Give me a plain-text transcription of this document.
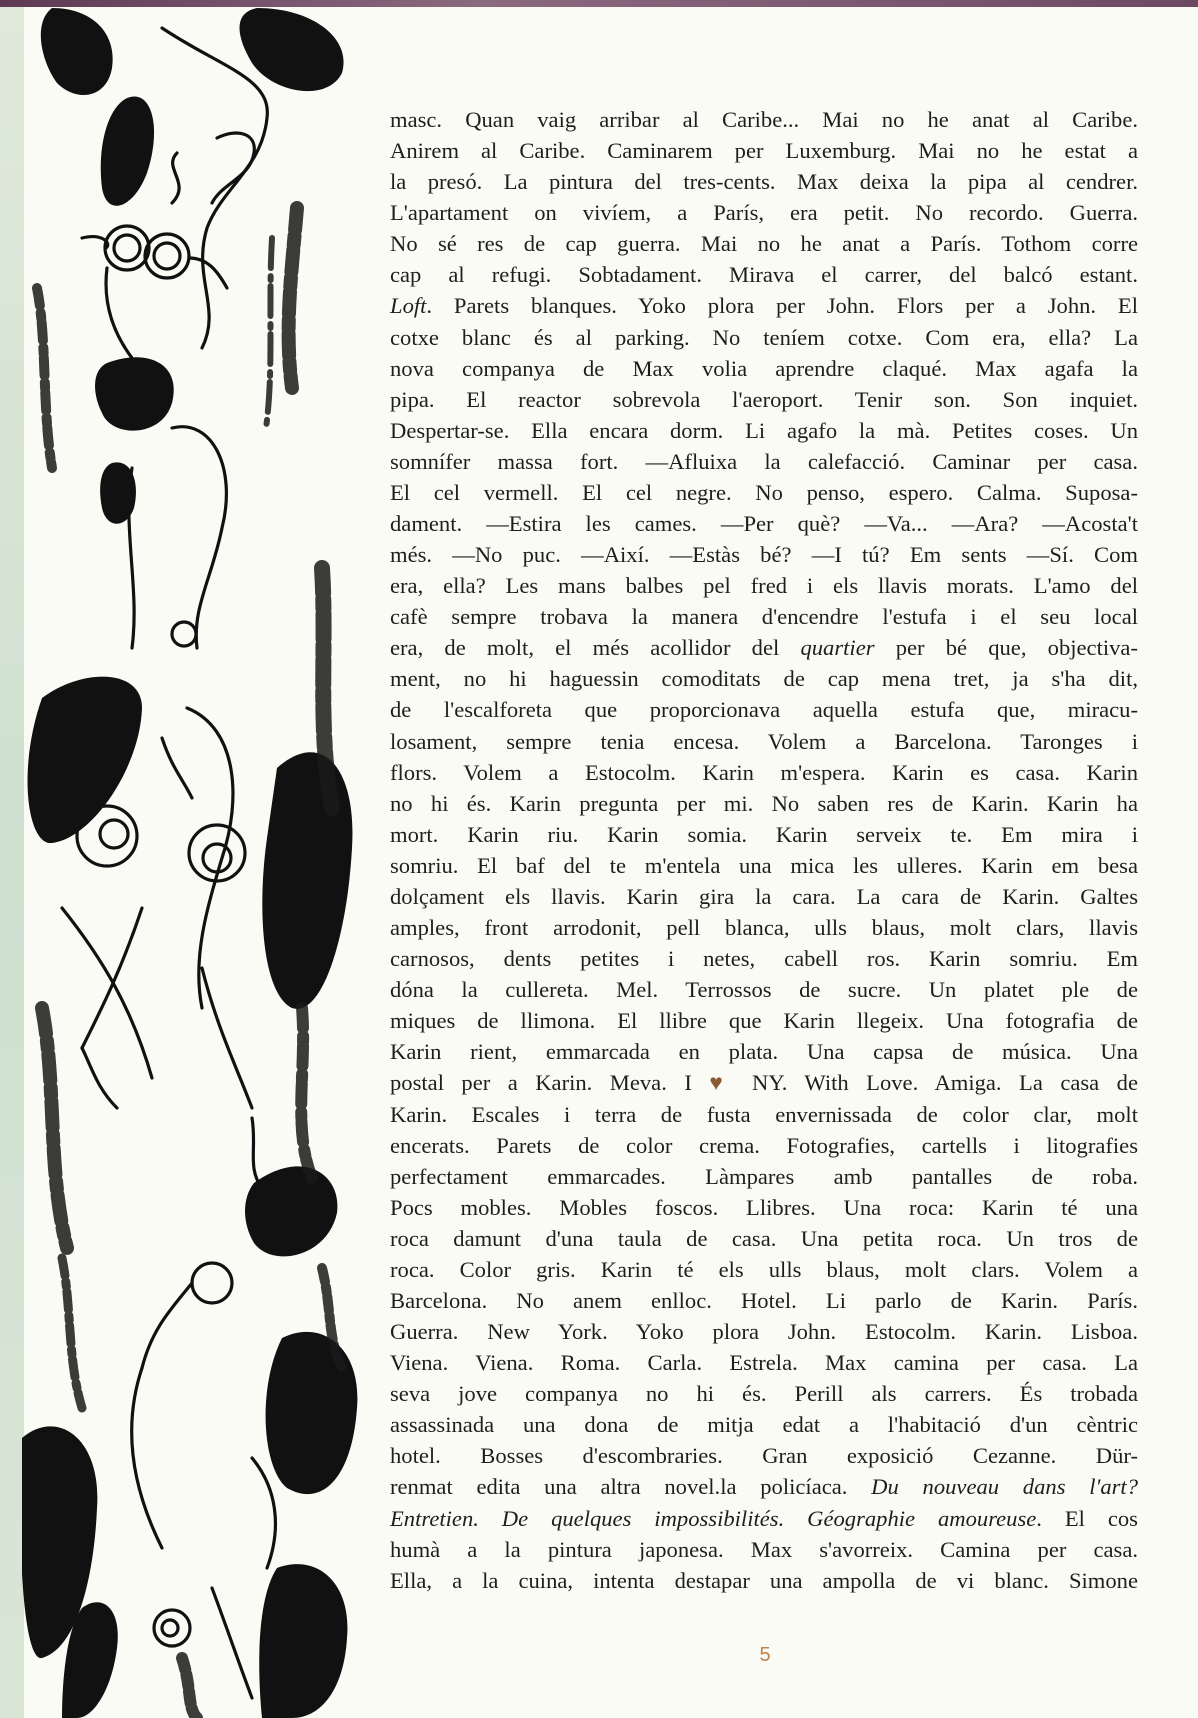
masc. Quan vaig arribar al Caribe... Mai no he anat al Caribe.
Anirem al Caribe. Caminarem per Luxemburg. Mai no he estat a
la presó. La pintura del tres-cents. Max deixa la pipa al cendrer.
L'apartament on vivíem, a París, era petit. No recordo. Guerra.
No sé res de cap guerra. Mai no he anat a París. Tothom corre
cap al refugi. Sobtadament. Mirava el carrer, del balcó estant.
Loft. Parets blanques. Yoko plora per John. Flors per a John. El
cotxe blanc és al parking. No teníem cotxe. Com era, ella? La
nova companya de Max volia aprendre claqué. Max agafa la
pipa. El reactor sobrevola l'aeroport. Tenir son. Son inquiet.
Despertar-se. Ella encara dorm. Li agafo la mà. Petites coses. Un
somnífer massa fort. —Afluixa la calefacció. Caminar per casa.
El cel vermell. El cel negre. No penso, espero. Calma. Suposa-
dament. —Estira les cames. —Per què? —Va... —Ara? —Acosta't
més. —No puc. —Així. —Estàs bé? —I tú? Em sents —Sí. Com
era, ella? Les mans balbes pel fred i els llavis morats. L'amo del
cafè sempre trobava la manera d'encendre l'estufa i el seu local
era, de molt, el més acollidor del quartier per bé que, objectiva-
ment, no hi haguessin comoditats de cap mena tret, ja s'ha dit,
de l'escalforeta que proporcionava aquella estufa que, miracu-
losament, sempre tenia encesa. Volem a Barcelona. Taronges i
flors. Volem a Estocolm. Karin m'espera. Karin es casa. Karin
no hi és. Karin pregunta per mi. No saben res de Karin. Karin ha
mort. Karin riu. Karin somia. Karin serveix te. Em mira i
somriu. El baf del te m'entela una mica les ulleres. Karin em besa
dolçament els llavis. Karin gira la cara. La cara de Karin. Galtes
amples, front arrodonit, pell blanca, ulls blaus, molt clars, llavis
carnosos, dents petites i netes, cabell ros. Karin somriu. Em
dóna la culleretа. Mel. Terrossos de sucre. Un platet ple de
miques de llimona. El llibre que Karin llegeix. Una fotografia de
Karin rient, emmarcada en plata. Una capsa de música. Una
postal per a Karin. Meva. I ♥ NY. With Love. Amiga. La casa de
Karin. Escales i terra de fusta envernissada de color clar, molt
encerats. Parets de color crema. Fotografies, cartells i litografies
perfectament emmarcades. Làmpares amb pantalles de roba.
Pocs mobles. Mobles foscos. Llibres. Una roca: Karin té una
roca damunt d'una taula de casa. Una petita roca. Un tros de
roca. Color gris. Karin té els ulls blaus, molt clars. Volem a
Barcelona. No anem enlloc. Hotel. Li parlo de Karin. París.
Guerra. New York. Yoko plora John. Estocolm. Karin. Lisboa.
Viena. Viena. Roma. Carla. Estrela. Max camina per casa. La
seva jove companya no hi és. Perill als carrers. És trobada
assassinada una dona de mitja edat a l'habitació d'un cèntric
hotel. Bosses d'escombraries. Gran exposició Cezanne. Dür-
renmat edita una altra novel.la policíaca. Du nouveau dans l'art?
Entretien. De quelques impossibilités. Géographie amoureuse. El cos
humà a la pintura japonesa. Max s'avorreix. Camina per casa.
Ella, a la cuina, intenta destapar una ampolla de vi blanc. Simone
5
